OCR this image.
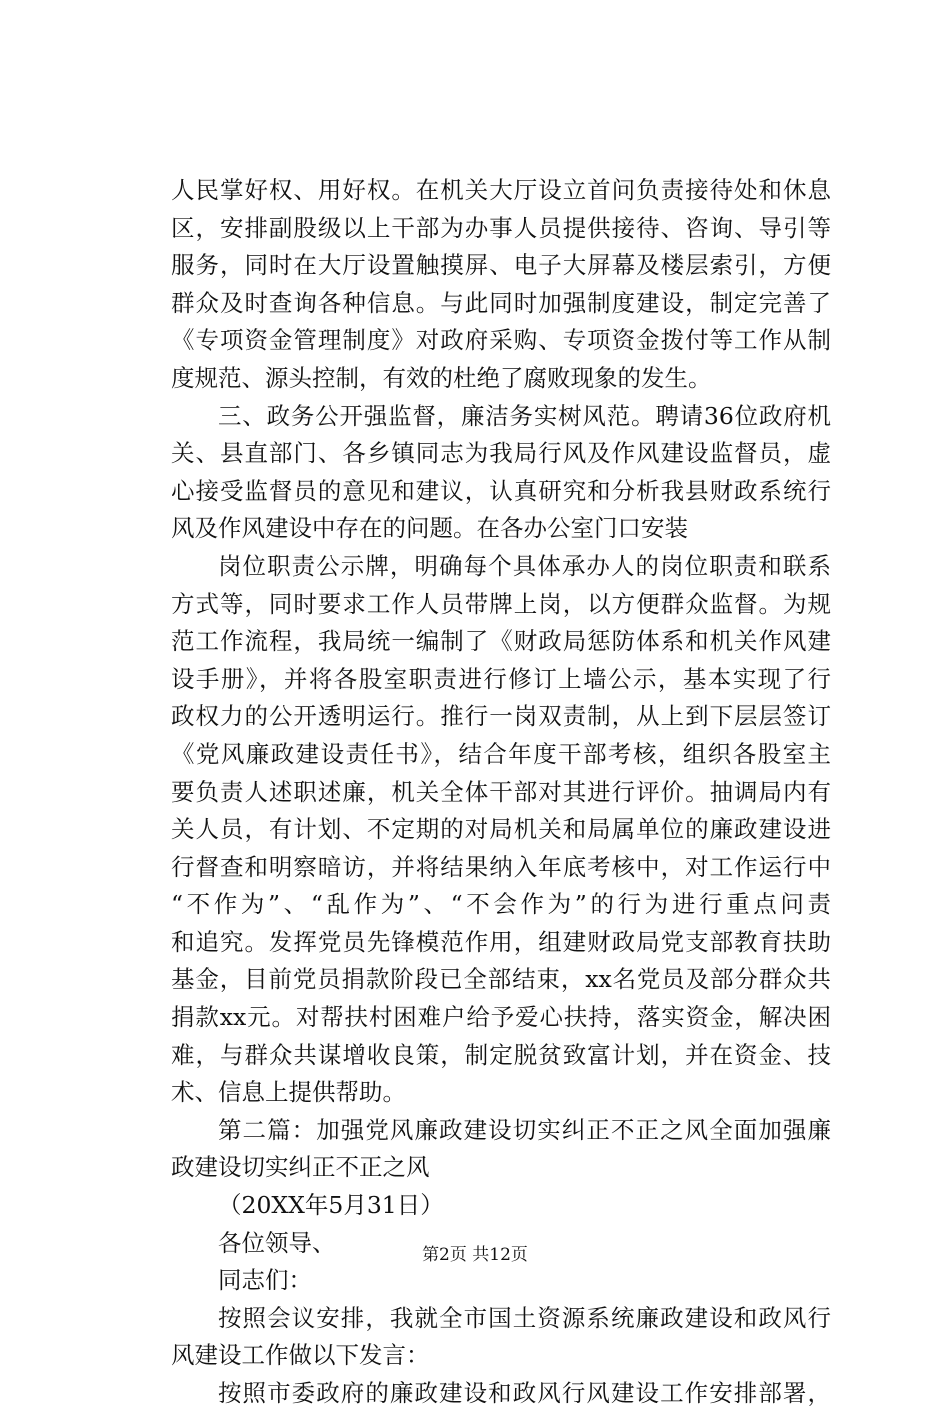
人民掌好权、用好权。在机关大厅设立首问负责接待处和休息
区，安排副股级以上干部为办事人员提供接待、咨询、导引等
服务，同时在大厅设置触摸屏、电子大屏幕及楼层索引，方便
群众及时查询各种信息。与此同时加强制度建设，制定完善了
《专项资金管理制度》对政府采购、专项资金拨付等工作从制
度规范、源头控制，有效的杜绝了腐败现象的发生。
三、政务公开强监督，廉洁务实树风范。聘请36位政府机
关、县直部门、各乡镇同志为我局行风及作风建设监督员，虚
心接受监督员的意见和建议，认真研究和分析我县财政系统行
风及作风建设中存在的问题。在各办公室门口安装
岗位职责公示牌，明确每个具体承办人的岗位职责和联系
方式等，同时要求工作人员带牌上岗，以方便群众监督。为规
范工作流程，我局统一编制了《财政局惩防体系和机关作风建
设手册》，并将各股室职责进行修订上墙公示，基本实现了行
政权力的公开透明运行。推行一岗双责制，从上到下层层签订
《党风廉政建设责任书》，结合年度干部考核，组织各股室主
要负责人述职述廉，机关全体干部对其进行评价。抽调局内有
关人员，有计划、不定期的对局机关和局属单位的廉政建设进
行督查和明察暗访，并将结果纳入年底考核中，对工作运行中
“不作为”、“乱作为”、“不会作为”的行为进行重点问责
和追究。发挥党员先锋模范作用，组建财政局党支部教育扶助
基金，目前党员捐款阶段已全部结束，xx名党员及部分群众共
捐款xx元。对帮扶村困难户给予爱心扶持，落实资金，解决困
难，与群众共谋增收良策，制定脱贫致富计划，并在资金、技
术、信息上提供帮助。
第二篇：加强党风廉政建设切实纠正不正之风全面加强廉
政建设切实纠正不正之风
（20XX年5月31日）
各位领导、
同志们：
按照会议安排，我就全市国土资源系统廉政建设和政风行
风建设工作做以下发言：
按照市委政府的廉政建设和政风行风建设工作安排部署，
第2页 共12页
